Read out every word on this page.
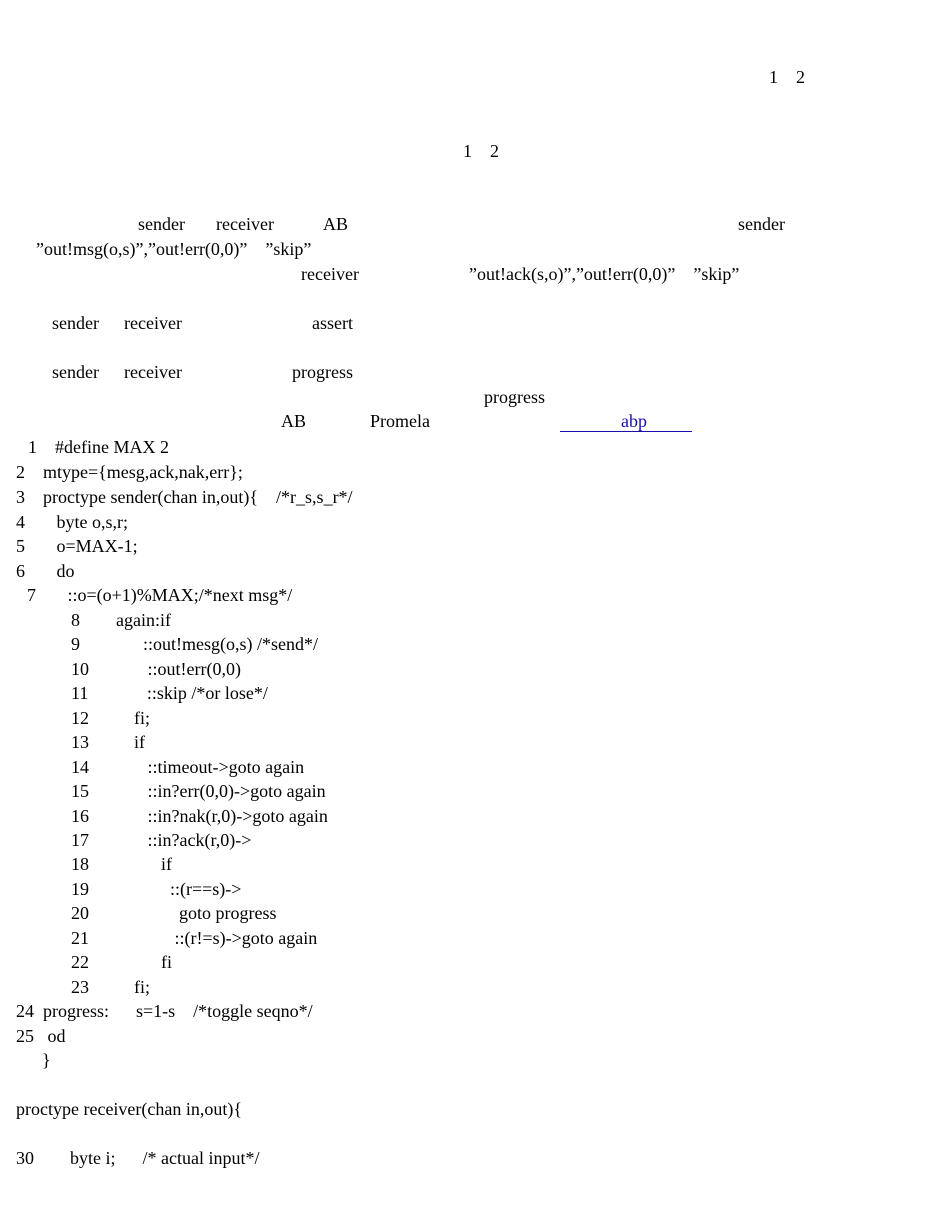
1    2
1    2
sender receiver	AB	sender
”out!msg(o,s)”,”out!err(0,0)”    ”skip”
receiver	”out!ack(s,o)”,”out!err(0,0)”    ”skip”
sender receiver	assert
sender receiver	progress
progress
AB	Promela	abp
1    #define MAX 2
2    mtype={mesg,ack,nak,err};
3    proctype sender(chan in,out){    /*r_s,s_r*/
4       byte o,s,r;
5       o=MAX-1;
6       do
7       ::o=(o+1)%MAX;/*next msg*/
8        again:if
9              ::out!mesg(o,s) /*send*/
10             ::out!err(0,0)
11             ::skip /*or lose*/
12          fi;
13          if
14             ::timeout->goto again
15             ::in?err(0,0)->goto again
16             ::in?nak(r,0)->goto again
17             ::in?ack(r,0)->
18                if
19                  ::(r==s)->
20                    goto progress
21                   ::(r!=s)->goto again
22                fi
23          fi;
24  progress:      s=1-s    /*toggle seqno*/
25   od
}
proctype receiver(chan in,out){
30        byte i;      /* actual input*/
